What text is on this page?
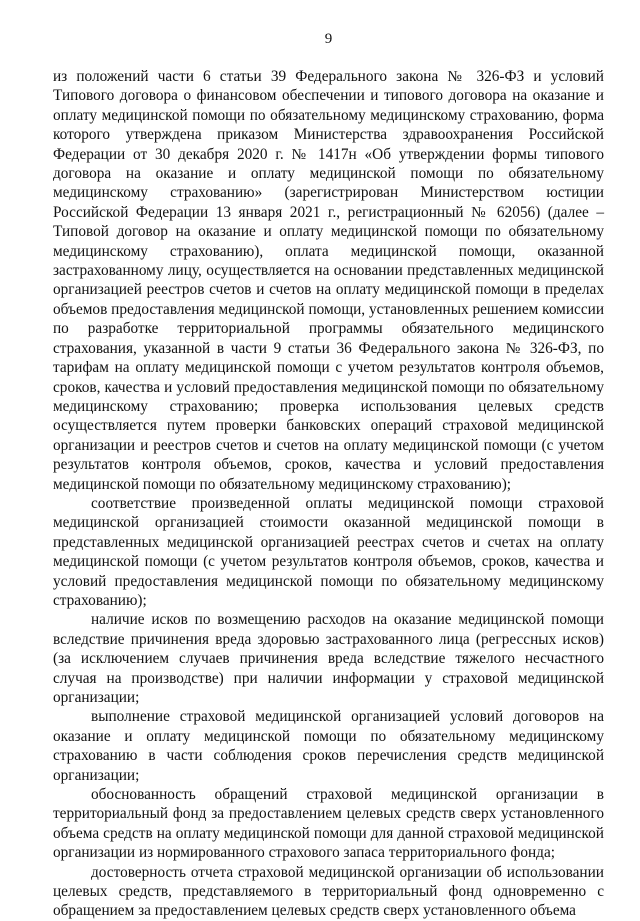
9

из положений части 6 статьи 39 Федерального закона № 326-ФЗ и условий Типового договора о финансовом обеспечении и типового договора на оказание и оплату медицинской помощи по обязательному медицинскому страхованию, форма которого утверждена приказом Министерства здравоохранения Российской Федерации от 30 декабря 2020 г. № 1417н «Об утверждении формы типового договора на оказание и оплату медицинской помощи по обязательному медицинскому страхованию» (зарегистрирован Министерством юстиции Российской Федерации 13 января 2021 г., регистрационный № 62056) (далее – Типовой договор на оказание и оплату медицинской помощи по обязательному медицинскому страхованию), оплата медицинской помощи, оказанной застрахованному лицу, осуществляется на основании представленных медицинской организацией реестров счетов и счетов на оплату медицинской помощи в пределах объемов предоставления медицинской помощи, установленных решением комиссии по разработке территориальной программы обязательного медицинского страхования, указанной в части 9 статьи 36 Федерального закона № 326-ФЗ, по тарифам на оплату медицинской помощи с учетом результатов контроля объемов, сроков, качества и условий предоставления медицинской помощи по обязательному медицинскому страхованию; проверка использования целевых средств осуществляется путем проверки банковских операций страховой медицинской организации и реестров счетов и счетов на оплату медицинской помощи (с учетом результатов контроля объемов, сроков, качества и условий предоставления медицинской помощи по обязательному медицинскому страхованию);

соответствие произведенной оплаты медицинской помощи страховой медицинской организацией стоимости оказанной медицинской помощи в представленных медицинской организацией реестрах счетов и счетах на оплату медицинской помощи (с учетом результатов контроля объемов, сроков, качества и условий предоставления медицинской помощи по обязательному медицинскому страхованию);

наличие исков по возмещению расходов на оказание медицинской помощи вследствие причинения вреда здоровью застрахованного лица (регрессных исков) (за исключением случаев причинения вреда вследствие тяжелого несчастного случая на производстве) при наличии информации у страховой медицинской организации;

выполнение страховой медицинской организацией условий договоров на оказание и оплату медицинской помощи по обязательному медицинскому страхованию в части соблюдения сроков перечисления средств медицинской организации;

обоснованность обращений страховой медицинской организации в территориальный фонд за предоставлением целевых средств сверх установленного объема средств на оплату медицинской помощи для данной страховой медицинской организации из нормированного страхового запаса территориального фонда;

достоверность отчета страховой медицинской организации об использовании целевых средств, представляемого в территориальный фонд одновременно с обращением за предоставлением целевых средств сверх установленного объема
